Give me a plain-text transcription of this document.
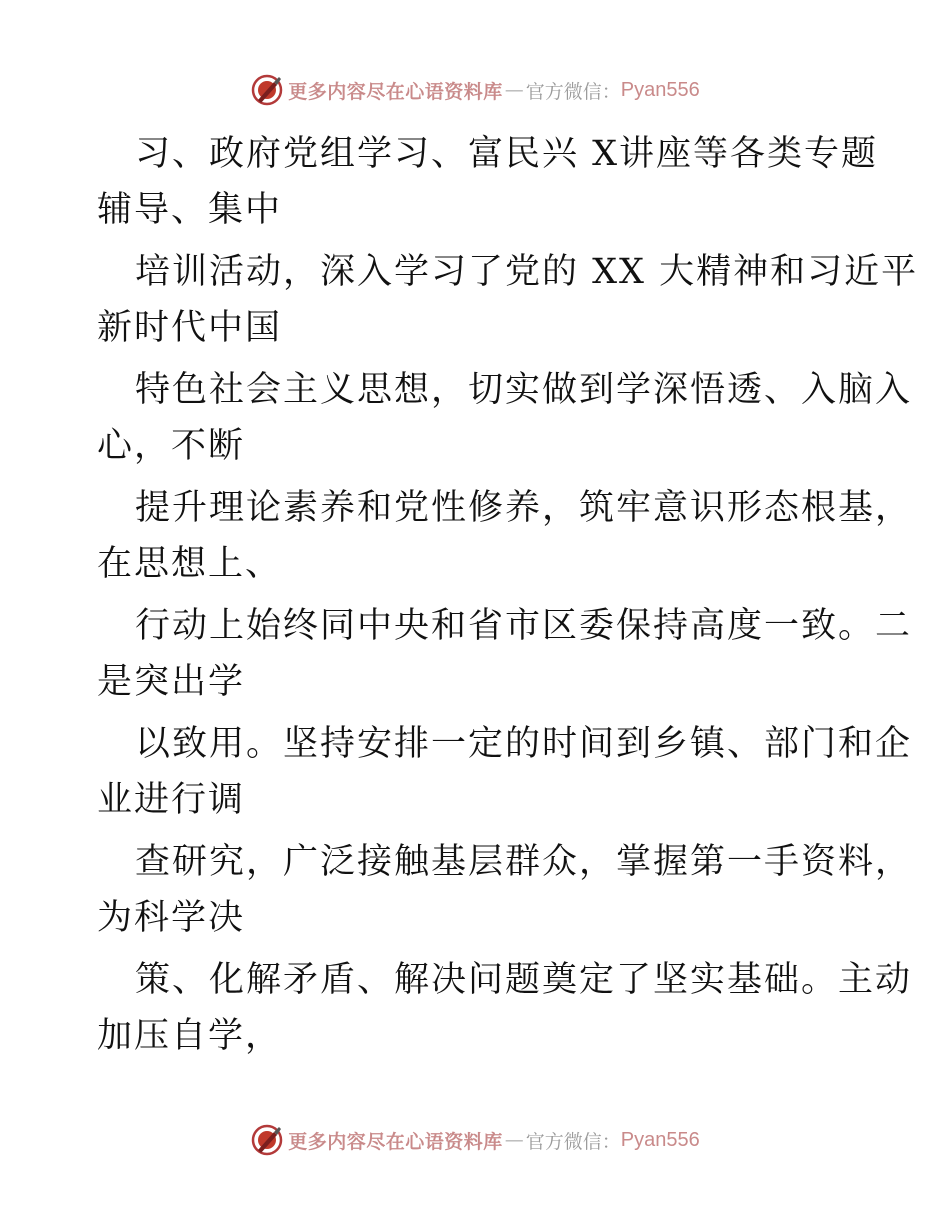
更多内容尽在心语资料库 — 官方微信： Pyan556
习、政府党组学习、富民兴 X讲座等各类专题
辅导、集中
培训活动，深入学习了党的 XX 大精神和习近平
新时代中国
特色社会主义思想，切实做到学深悟透、入脑入
心，不断
提升理论素养和党性修养，筑牢意识形态根基，
在思想上、
行动上始终同中央和省市区委保持高度一致。二
是突出学
以致用。坚持安排一定的时间到乡镇、部门和企
业进行调
查研究，广泛接触基层群众，掌握第一手资料，
为科学决
策、化解矛盾、解决问题奠定了坚实基础。主动
加压自学，
更多内容尽在心语资料库 — 官方微信： Pyan556
